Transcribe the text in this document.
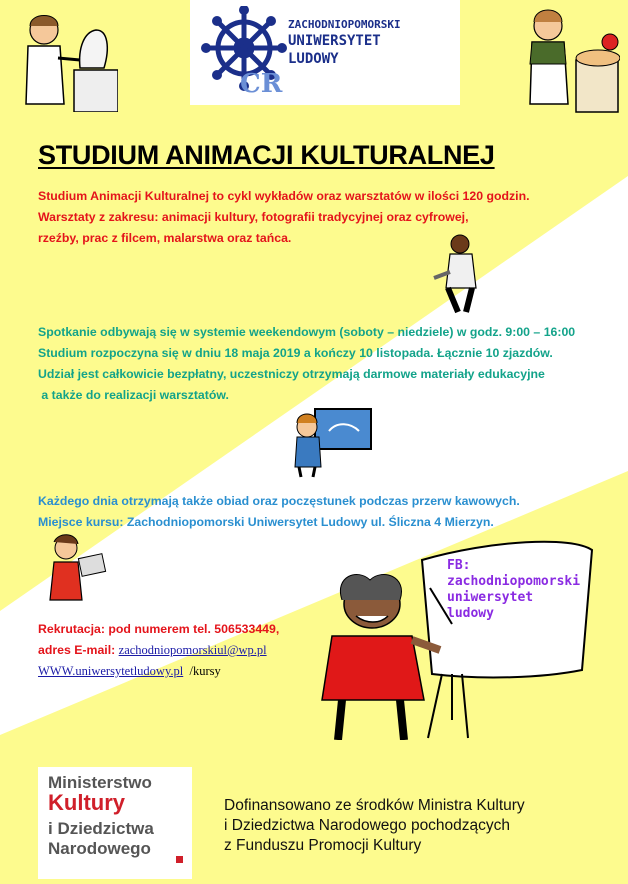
CR
ZACHODNIOPOMORSKI
UNIWERSYTET
LUDOWY
STUDIUM ANIMACJI KULTURALNEJ
Studium Animacji Kulturalnej to cykl wykładów oraz warsztatów w ilości 120 godzin.
Warsztaty z zakresu: animacji kultury, fotografii tradycyjnej oraz cyfrowej,
rzeźby, prac z filcem, malarstwa oraz tańca.
Spotkanie odbywają się w systemie weekendowym (soboty – niedziele) w godz. 9:00 – 16:00
Studium rozpoczyna się w dniu 18 maja 2019 a kończy 10 listopada. Łącznie 10 zjazdów.
Udział jest całkowicie bezpłatny, uczestniczy otrzymają darmowe materiały edukacyjne
a także do realizacji warsztatów.
Każdego dnia otrzymają także obiad oraz poczęstunek podczas przerw kawowych.
Miejsce kursu: Zachodniopomorski Uniwersytet Ludowy ul. Śliczna 4 Mierzyn.
Rekrutacja: pod numerem tel. 506533449,
adres E-mail: zachodniopomorskiul@wp.pl
WWW.uniwersytetludowy.pl  /kursy
FB:
zachodniopomorski
uniwersytet
ludowy
Ministerstwo
Kultury
i Dziedzictwa
Narodowego
Dofinansowano ze środków Ministra Kultury
i Dziedzictwa Narodowego pochodzących
z Funduszu Promocji Kultury
